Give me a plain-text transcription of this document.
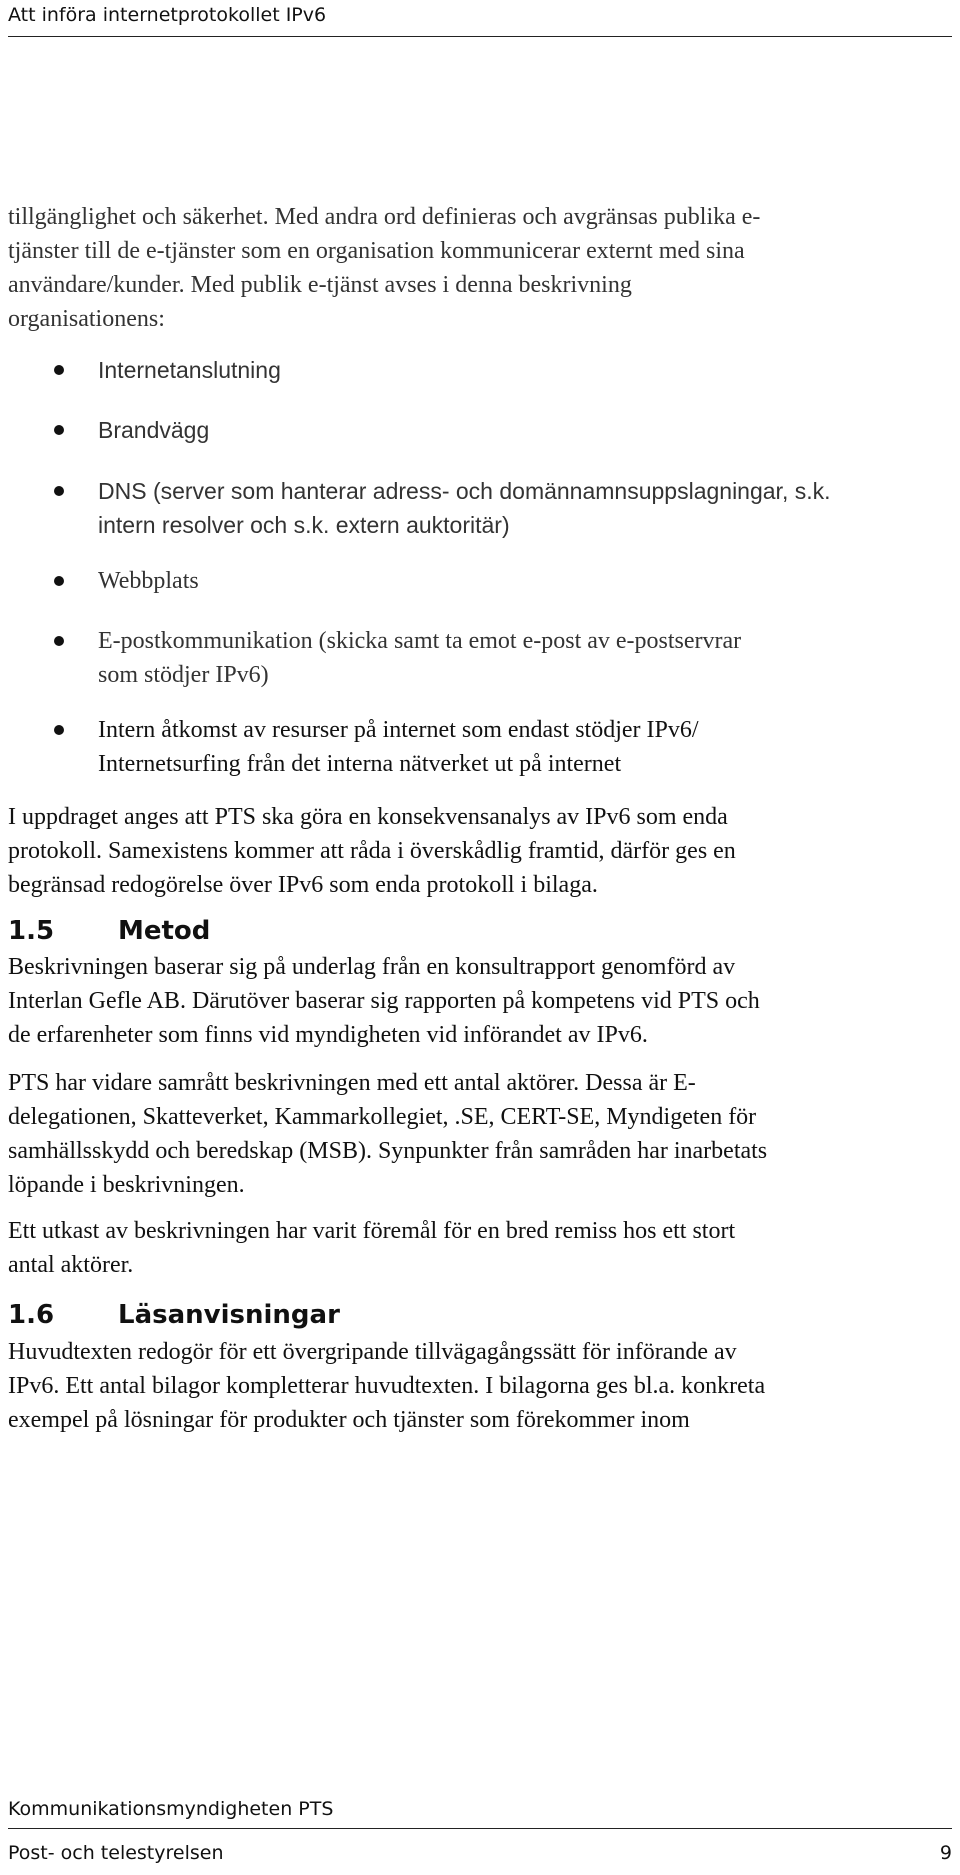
Att införa internetprotokollet IPv6
tillgänglighet och säkerhet. Med andra ord definieras och avgränsas publika e-
tjänster till de e-tjänster som en organisation kommunicerar externt med sina
användare/kunder. Med publik e-tjänst avses i denna beskrivning
organisationens:
Internetanslutning
Brandvägg
DNS (server som hanterar adress- och domännamnsuppslagningar, s.k.
intern resolver och s.k. extern auktoritär)
Webbplats
E-postkommunikation (skicka samt ta emot e-post av e-postservrar
som stödjer IPv6)
Intern åtkomst av resurser på internet som endast stödjer IPv6/
Internetsurfing från det interna nätverket ut på internet
I uppdraget anges att PTS ska göra en konsekvensanalys av IPv6 som enda
protokoll. Samexistens kommer att råda i överskådlig framtid, därför ges en
begränsad redogörelse över IPv6 som enda protokoll i bilaga.
1.5 Metod
Beskrivningen baserar sig på underlag från en konsultrapport genomförd av
Interlan Gefle AB. Därutöver baserar sig rapporten på kompetens vid PTS och
de erfarenheter som finns vid myndigheten vid införandet av IPv6.
PTS har vidare samrått beskrivningen med ett antal aktörer. Dessa är E-
delegationen, Skatteverket, Kammarkollegiet, .SE, CERT-SE, Myndigeten för
samhällsskydd och beredskap (MSB). Synpunkter från samråden har inarbetats
löpande i beskrivningen.
Ett utkast av beskrivningen har varit föremål för en bred remiss hos ett stort
antal aktörer.
1.6 Läsanvisningar
Huvudtexten redogör för ett övergripande tillvägagångssätt för införande av
IPv6. Ett antal bilagor kompletterar huvudtexten. I bilagorna ges bl.a. konkreta
exempel på lösningar för produkter och tjänster som förekommer inom
Kommunikationsmyndigheten PTS
Post- och telestyrelsen	9
